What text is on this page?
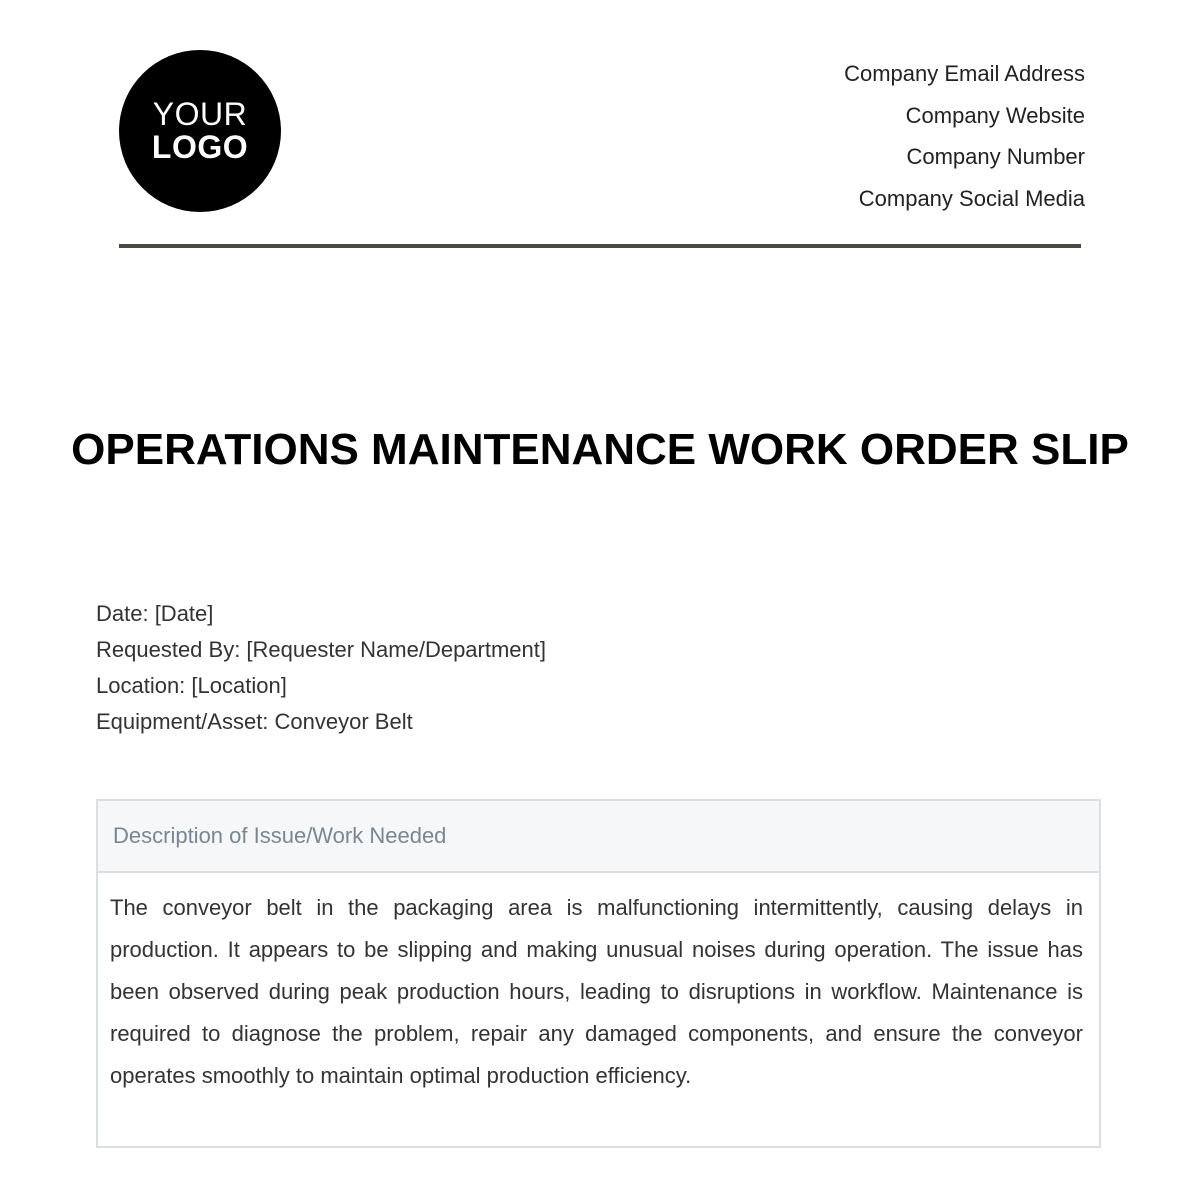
YOUR
LOGO
Company Email Address
Company Website
Company Number
Company Social Media
OPERATIONS MAINTENANCE WORK ORDER SLIP
Date: [Date]
Requested By: [Requester Name/Department]
Location: [Location]
Equipment/Asset: Conveyor Belt
Description of Issue/Work Needed
The conveyor belt in the packaging area is malfunctioning intermittently, causing delays in production. It appears to be slipping and making unusual noises during operation. The issue has been observed during peak production hours, leading to disruptions in workflow. Maintenance is required to diagnose the problem, repair any damaged components, and ensure the conveyor operates smoothly to maintain optimal production efficiency.
